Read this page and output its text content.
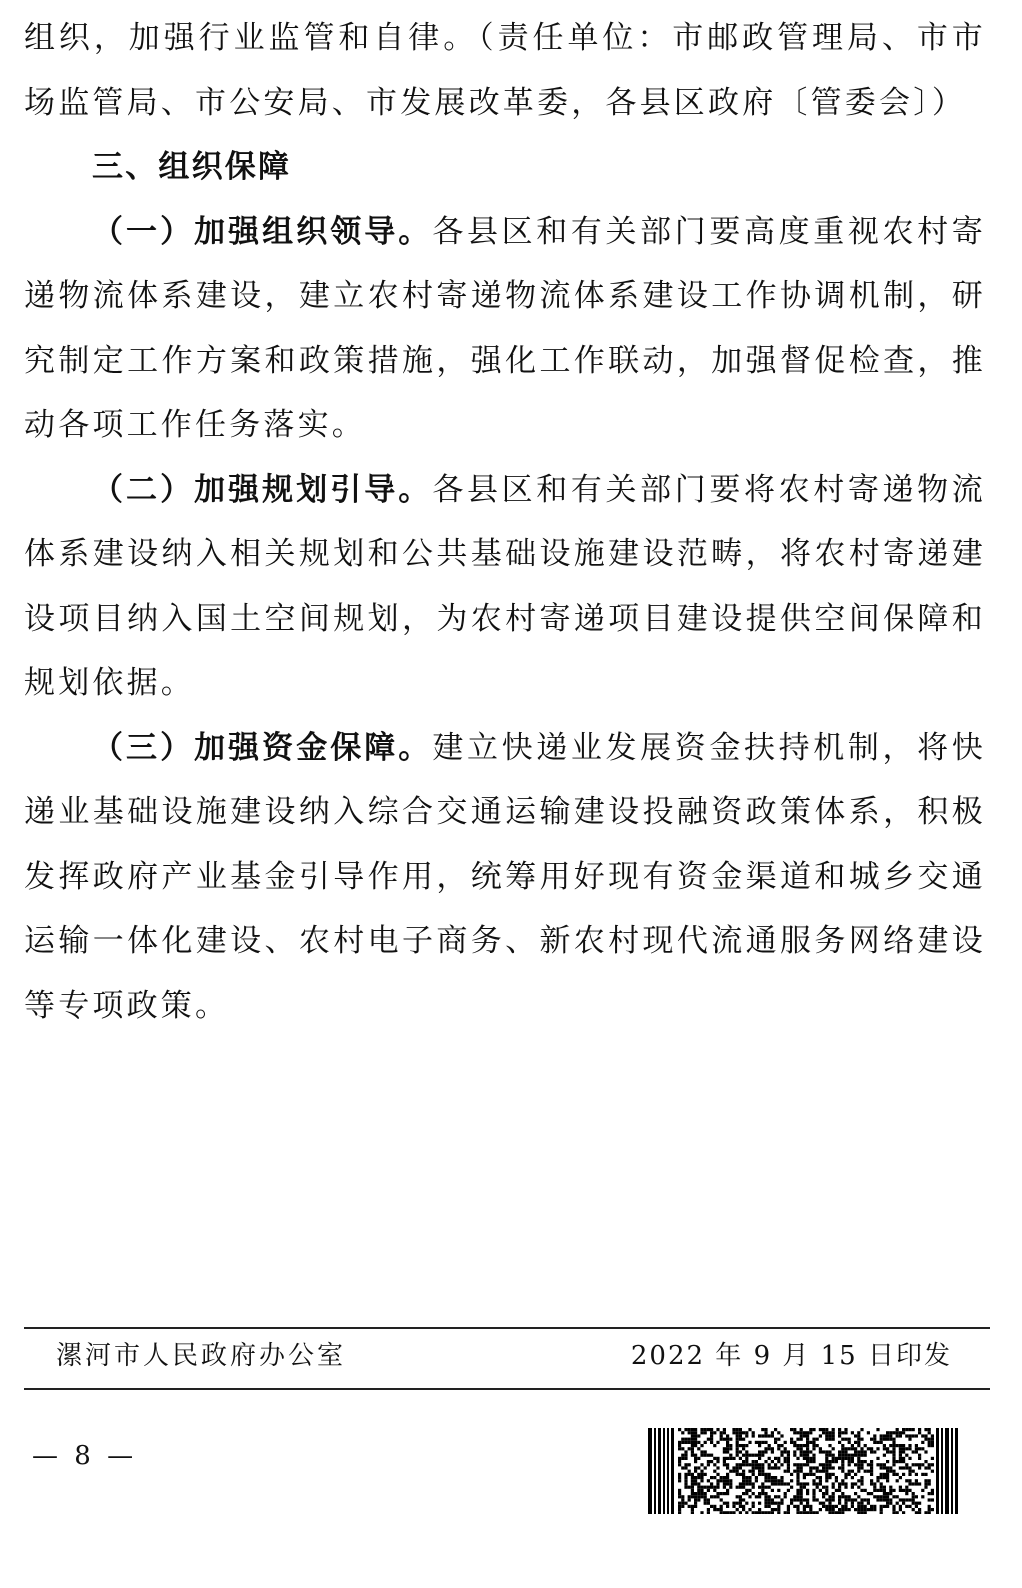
组织，加强行业监管和自律。（责任单位：市邮政管理局、市市场监管局、市公安局、市发展改革委，各县区政府〔管委会〕）

三、组织保障

（一）加强组织领导。各县区和有关部门要高度重视农村寄递物流体系建设，建立农村寄递物流体系建设工作协调机制，研究制定工作方案和政策措施，强化工作联动，加强督促检查，推动各项工作任务落实。

（二）加强规划引导。各县区和有关部门要将农村寄递物流体系建设纳入相关规划和公共基础设施建设范畴，将农村寄递建设项目纳入国土空间规划，为农村寄递项目建设提供空间保障和规划依据。

（三）加强资金保障。建立快递业发展资金扶持机制，将快递业基础设施建设纳入综合交通运输建设投融资政策体系，积极发挥政府产业基金引导作用，统筹用好现有资金渠道和城乡交通运输一体化建设、农村电子商务、新农村现代流通服务网络建设等专项政策。

漯河市人民政府办公室	2022 年 9 月 15 日印发
— 8 —
